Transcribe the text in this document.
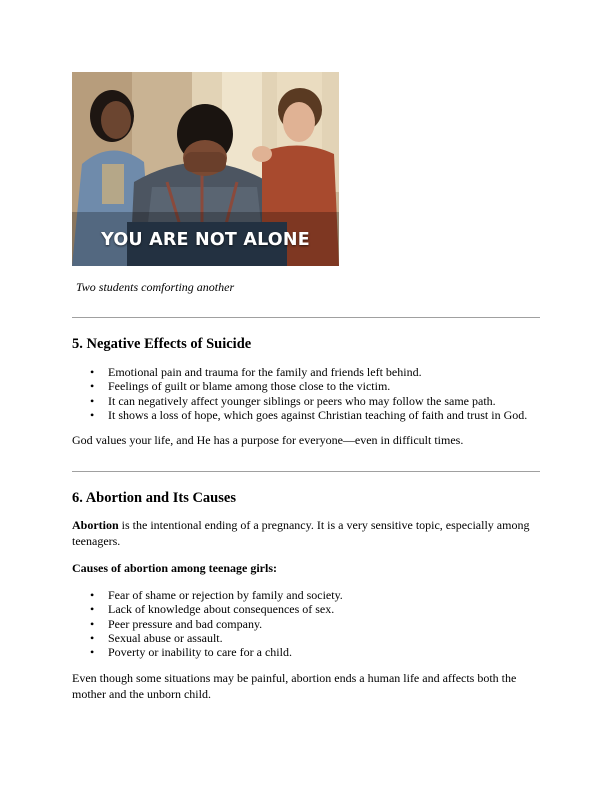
YOU ARE NOT ALONE
Two students comforting another
5. Negative Effects of Suicide
• Emotional pain and trauma for the family and friends left behind.
• Feelings of guilt or blame among those close to the victim.
• It can negatively affect younger siblings or peers who may follow the same path.
• It shows a loss of hope, which goes against Christian teaching of faith and trust in God.

God values your life, and He has a purpose for everyone—even in difficult times.

6. Abortion and Its Causes

Abortion is the intentional ending of a pregnancy. It is a very sensitive topic, especially among teenagers.

Causes of abortion among teenage girls:

• Fear of shame or rejection by family and society.
• Lack of knowledge about consequences of sex.
• Peer pressure and bad company.
• Sexual abuse or assault.
• Poverty or inability to care for a child.

Even though some situations may be painful, abortion ends a human life and affects both the mother and the unborn child.
